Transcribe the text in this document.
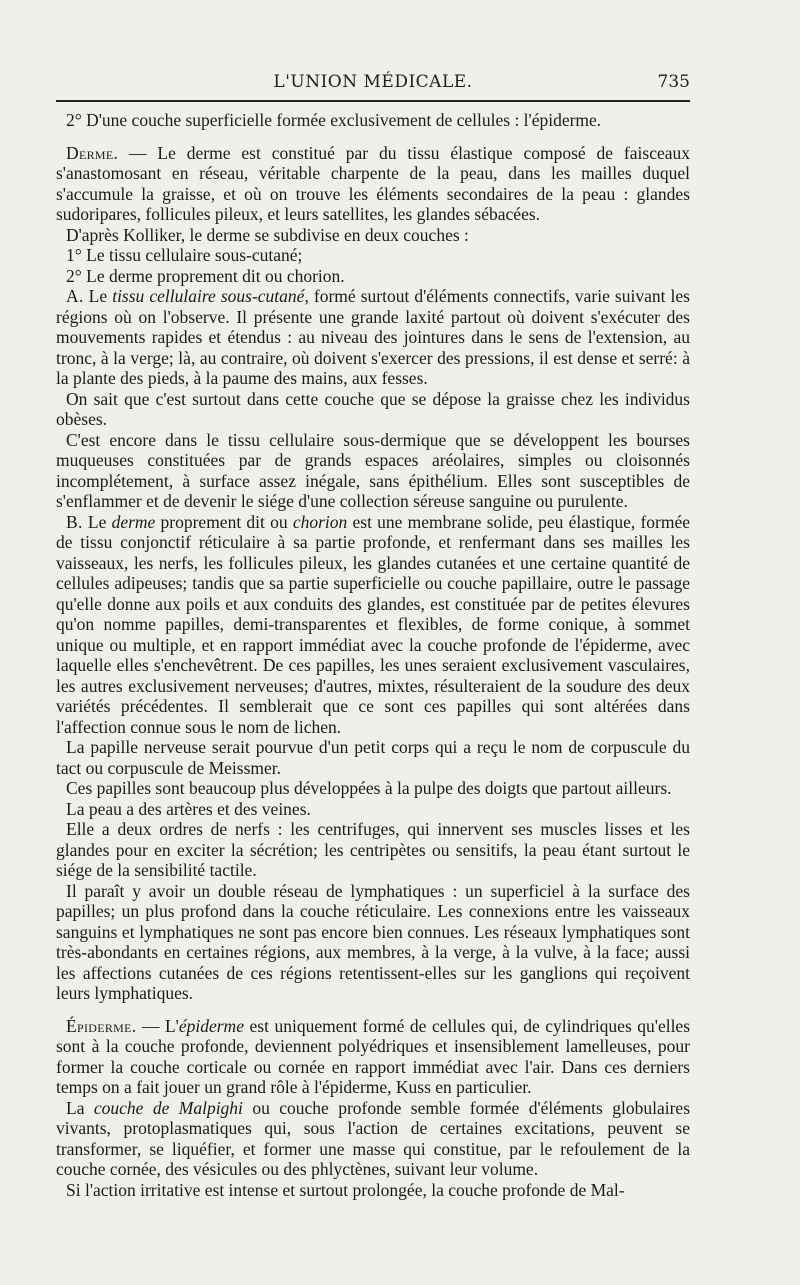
L'UNION MÉDICALE.	735

2° D'une couche superficielle formée exclusivement de cellules : l'épiderme.

Derme. — Le derme est constitué par du tissu élastique composé de faisceaux s'anastomosant en réseau, véritable charpente de la peau, dans les mailles duquel s'accumule la graisse, et où on trouve les éléments secondaires de la peau : glandes sudoripares, follicules pileux, et leurs satellites, les glandes sébacées.

D'après Kolliker, le derme se subdivise en deux couches :

1° Le tissu cellulaire sous-cutané;

2° Le derme proprement dit ou chorion.

A. Le tissu cellulaire sous-cutané, formé surtout d'éléments connectifs, varie suivant les régions où on l'observe. Il présente une grande laxité partout où doivent s'exécuter des mouvements rapides et étendus : au niveau des jointures dans le sens de l'extension, au tronc, à la verge; là, au contraire, où doivent s'exercer des pressions, il est dense et serré: à la plante des pieds, à la paume des mains, aux fesses.

On sait que c'est surtout dans cette couche que se dépose la graisse chez les individus obèses.

C'est encore dans le tissu cellulaire sous-dermique que se développent les bourses muqueuses constituées par de grands espaces aréolaires, simples ou cloisonnés incomplétement, à surface assez inégale, sans épithélium. Elles sont susceptibles de s'enflammer et de devenir le siége d'une collection séreuse sanguine ou purulente.

B. Le derme proprement dit ou chorion est une membrane solide, peu élastique, formée de tissu conjonctif réticulaire à sa partie profonde, et renfermant dans ses mailles les vaisseaux, les nerfs, les follicules pileux, les glandes cutanées et une certaine quantité de cellules adipeuses; tandis que sa partie superficielle ou couche papillaire, outre le passage qu'elle donne aux poils et aux conduits des glandes, est constituée par de petites élevures qu'on nomme papilles, demi-transparentes et flexibles, de forme conique, à sommet unique ou multiple, et en rapport immédiat avec la couche profonde de l'épiderme, avec laquelle elles s'enchevêtrent. De ces papilles, les unes seraient exclusivement vasculaires, les autres exclusivement nerveuses; d'autres, mixtes, résulteraient de la soudure des deux variétés précédentes. Il semblerait que ce sont ces papilles qui sont altérées dans l'affection connue sous le nom de lichen.

La papille nerveuse serait pourvue d'un petit corps qui a reçu le nom de corpuscule du tact ou corpuscule de Meissmer.

Ces papilles sont beaucoup plus développées à la pulpe des doigts que partout ailleurs.

La peau a des artères et des veines.

Elle a deux ordres de nerfs : les centrifuges, qui innervent ses muscles lisses et les glandes pour en exciter la sécrétion; les centripètes ou sensitifs, la peau étant surtout le siége de la sensibilité tactile.

Il paraît y avoir un double réseau de lymphatiques : un superficiel à la surface des papilles; un plus profond dans la couche réticulaire. Les connexions entre les vaisseaux sanguins et lymphatiques ne sont pas encore bien connues. Les réseaux lymphatiques sont très-abondants en certaines régions, aux membres, à la verge, à la vulve, à la face; aussi les affections cutanées de ces régions retentissent-elles sur les ganglions qui reçoivent leurs lymphatiques.

Épiderme. — L'épiderme est uniquement formé de cellules qui, de cylindriques qu'elles sont à la couche profonde, deviennent polyédriques et insensiblement lamelleuses, pour former la couche corticale ou cornée en rapport immédiat avec l'air. Dans ces derniers temps on a fait jouer un grand rôle à l'épiderme, Kuss en particulier.

La couche de Malpighi ou couche profonde semble formée d'éléments globulaires vivants, protoplasmatiques qui, sous l'action de certaines excitations, peuvent se transformer, se liquéfier, et former une masse qui constitue, par le refoulement de la couche cornée, des vésicules ou des phlyctènes, suivant leur volume.

Si l'action irritative est intense et surtout prolongée, la couche profonde de Mal-
